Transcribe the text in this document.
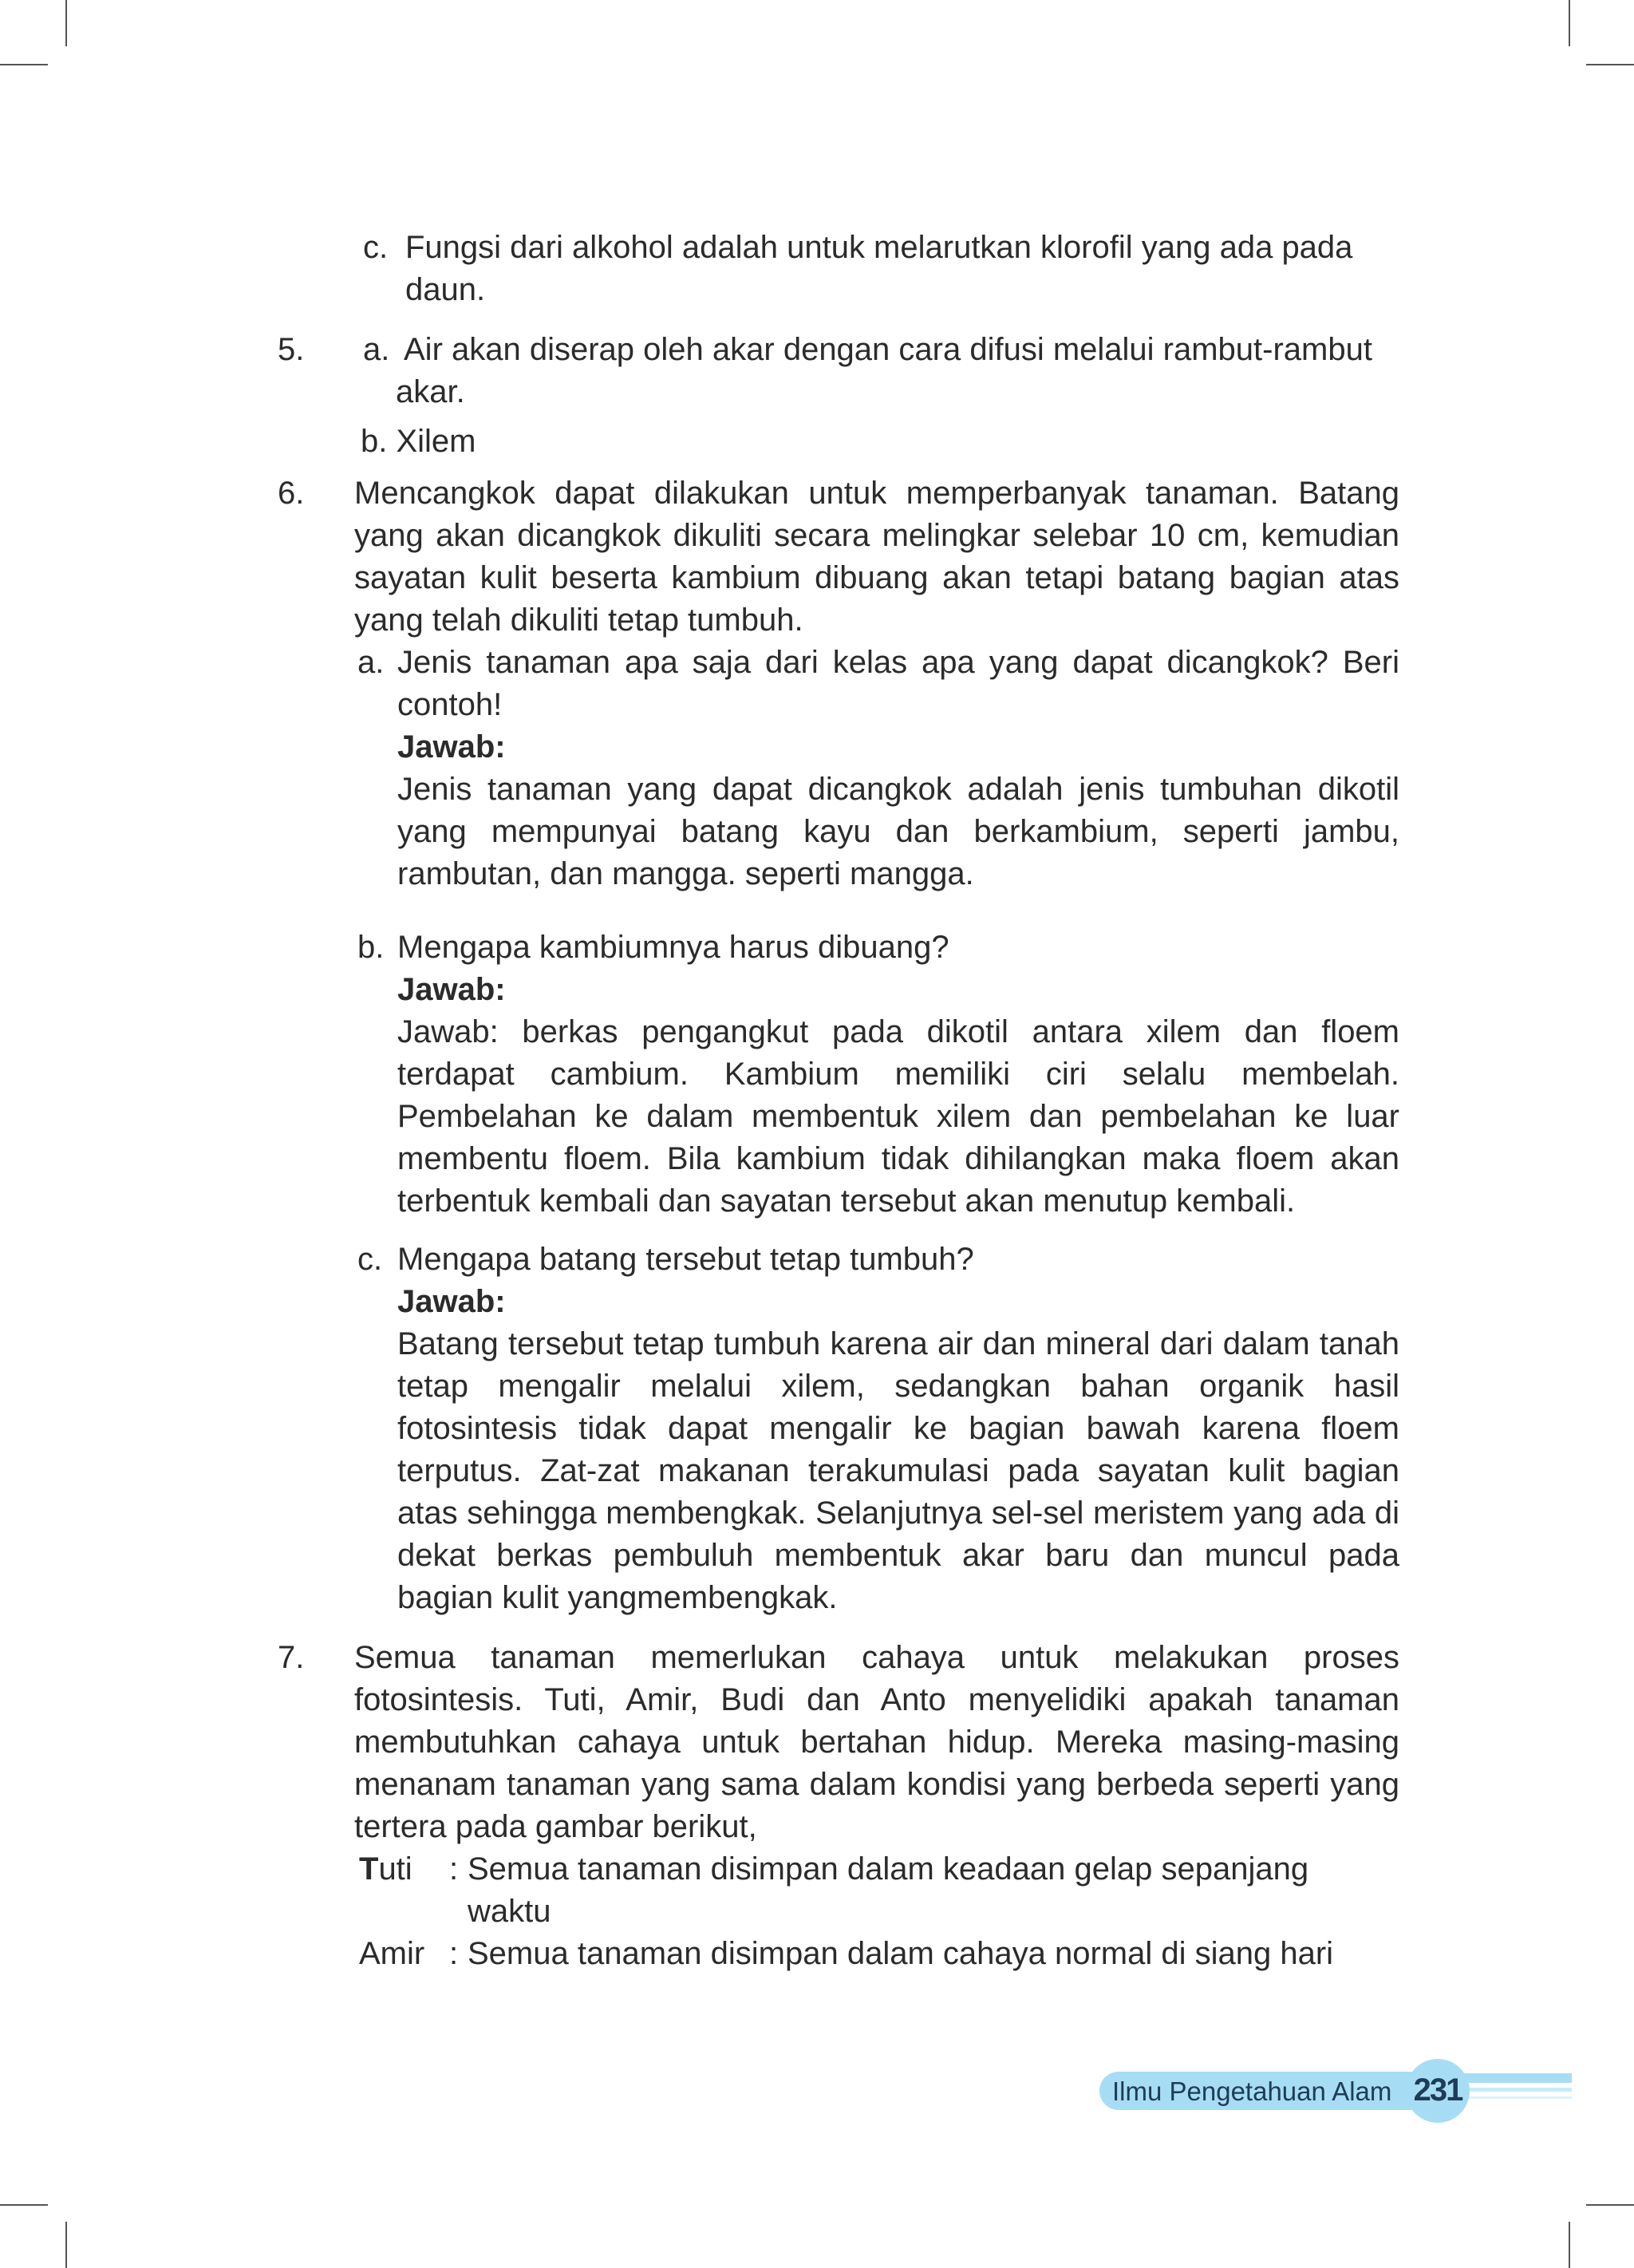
c. Fungsi dari alkohol adalah untuk melarutkan klorofil yang ada pada
daun.
5. a. Air akan diserap oleh akar dengan cara difusi melalui rambut-rambut
akar.
b. Xilem
6. Mencangkok dapat dilakukan untuk memperbanyak tanaman. Batang yang akan dicangkok dikuliti secara melingkar selebar 10 cm, kemudian sayatan kulit beserta kambium dibuang akan tetapi batang bagian atas yang telah dikuliti tetap tumbuh.
a. Jenis tanaman apa saja dari kelas apa yang dapat dicangkok? Beri contoh!
Jawab:
Jenis tanaman yang dapat dicangkok adalah jenis tumbuhan dikotil yang mempunyai batang kayu dan berkambium, seperti jambu, rambutan, dan mangga. seperti mangga.
b. Mengapa kambiumnya harus dibuang?
Jawab:
Jawab: berkas pengangkut pada dikotil antara xilem dan floem terdapat cambium. Kambium memiliki ciri selalu membelah. Pembelahan ke dalam membentuk xilem dan pembelahan ke luar membentu floem. Bila kambium tidak dihilangkan maka floem akan terbentuk kembali dan sayatan tersebut akan menutup kembali.
c. Mengapa batang tersebut tetap tumbuh?
Jawab:
Batang tersebut tetap tumbuh karena air dan mineral dari dalam tanah tetap mengalir melalui xilem, sedangkan bahan organik hasil fotosintesis tidak dapat mengalir ke bagian bawah karena floem terputus. Zat-zat makanan terakumulasi pada sayatan kulit bagian atas sehingga membengkak. Selanjutnya sel-sel meristem yang ada di dekat berkas pembuluh membentuk akar baru dan muncul pada bagian kulit yangmembengkak.
7. Semua tanaman memerlukan cahaya untuk melakukan proses fotosintesis. Tuti, Amir, Budi dan Anto menyelidiki apakah tanaman membutuhkan cahaya untuk bertahan hidup. Mereka masing-masing menanam tanaman yang sama dalam kondisi yang berbeda seperti yang tertera pada gambar berikut,
Tuti : Semua tanaman disimpan dalam keadaan gelap sepanjang
waktu
Amir : Semua tanaman disimpan dalam cahaya normal di siang hari
Ilmu Pengetahuan Alam 231
